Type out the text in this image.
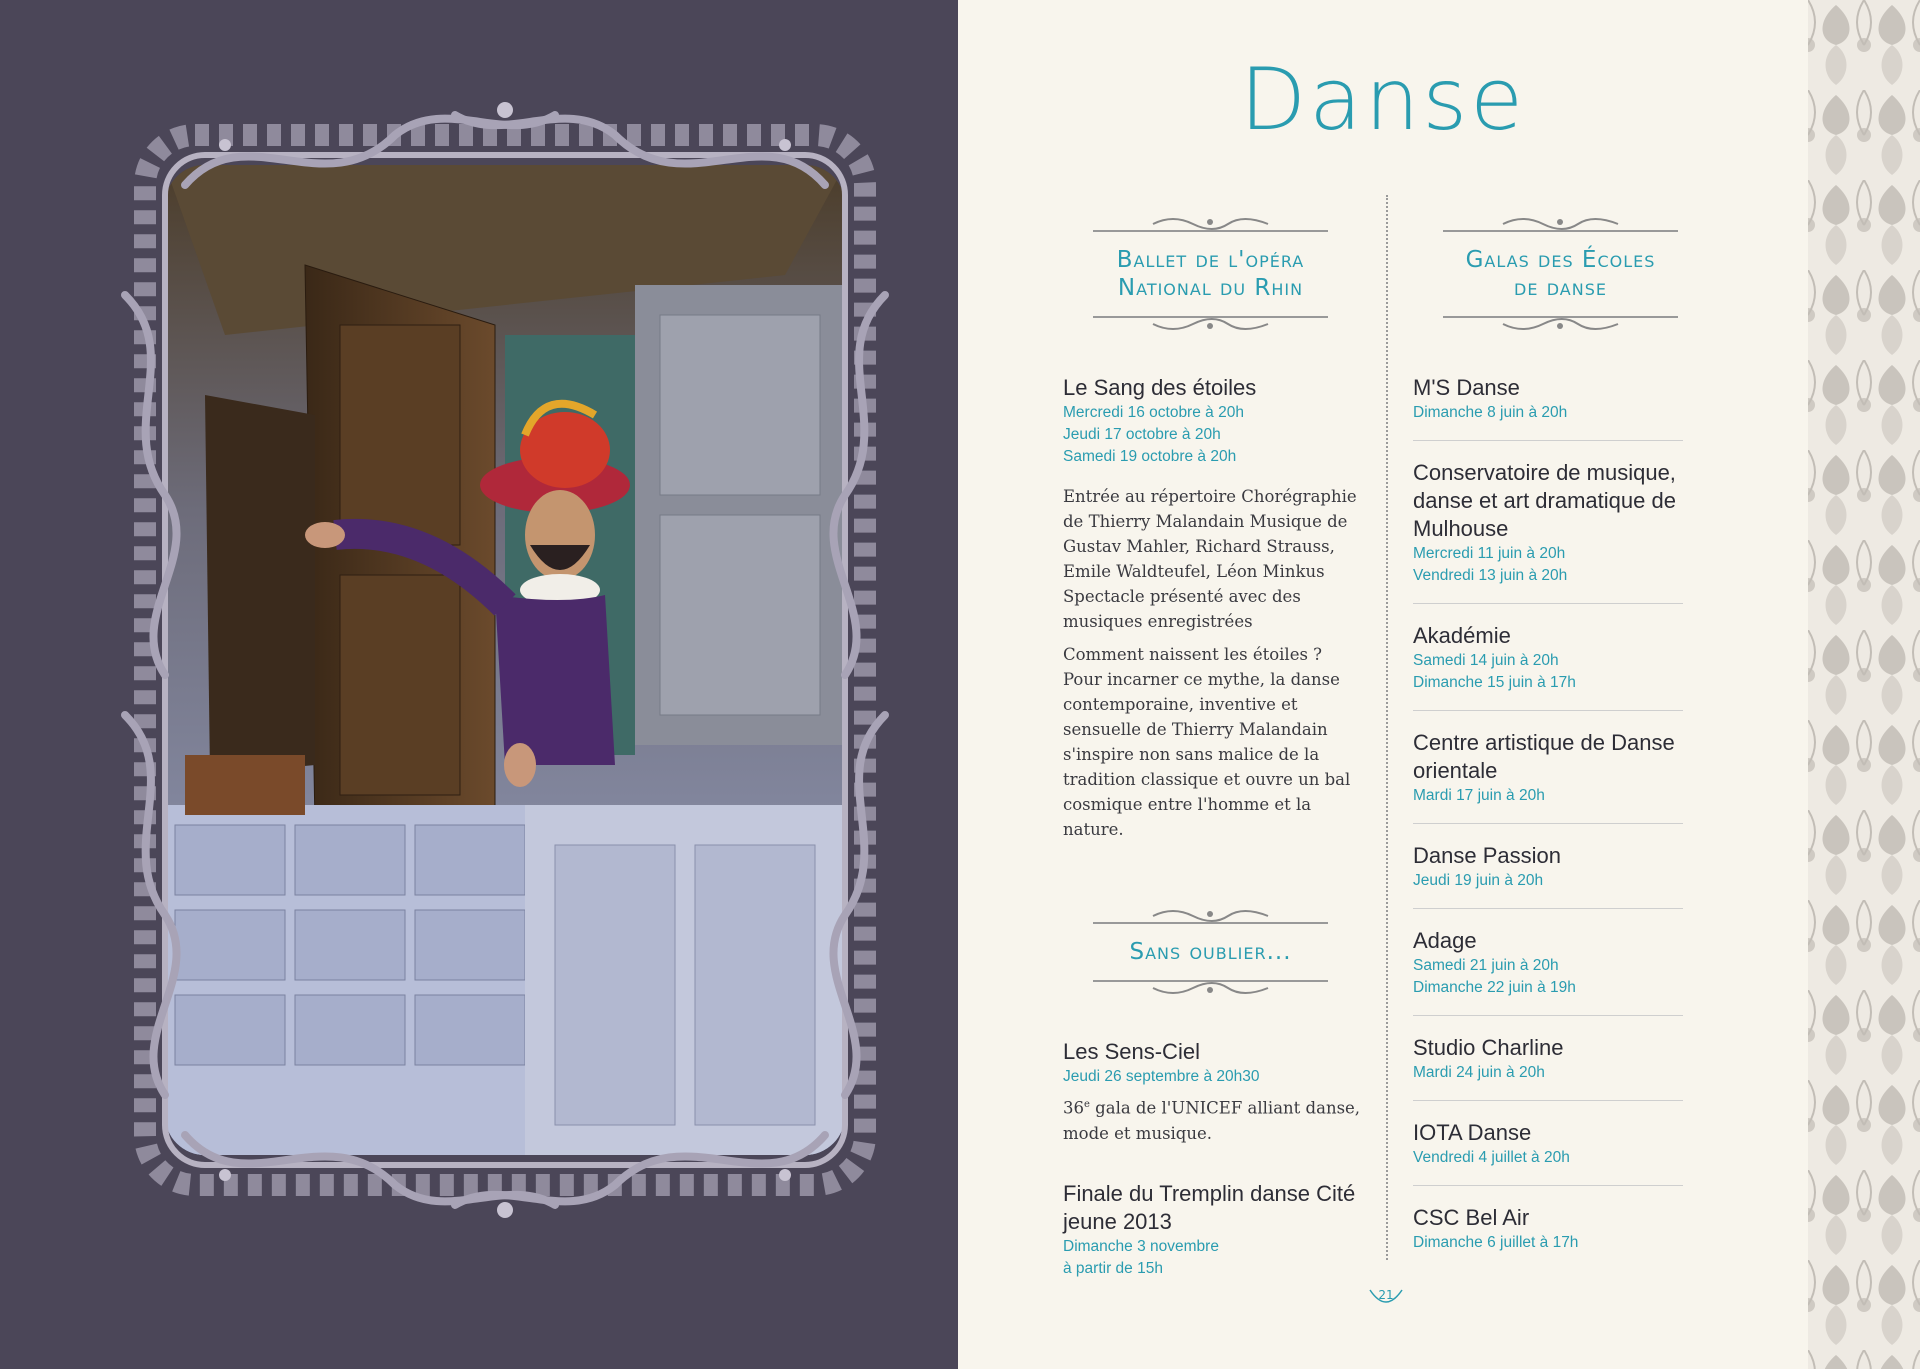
Danse
Ballet de l'opéra
National du Rhin
Le Sang des étoiles
Mercredi 16 octobre à 20h
Jeudi 17 octobre à 20h
Samedi 19 octobre à 20h
Entrée au répertoire Chorégraphie de Thierry Malandain Musique de Gustav Mahler, Richard Strauss, Emile Waldteufel, Léon Minkus Spectacle présenté avec des musiques enregistrées
Comment naissent les étoiles ? Pour incarner ce mythe, la danse contemporaine, inventive et sensuelle de Thierry Malandain s'inspire non sans malice de la tradition classique et ouvre un bal cosmique entre l'homme et la nature.
Sans oublier...
Les Sens-Ciel
Jeudi 26 septembre à 20h30
36e gala de l'UNICEF alliant danse, mode et musique.
Finale du Tremplin danse Cité jeune 2013
Dimanche 3 novembre
à partir de 15h
Galas des Écoles
de danse
M'S Danse
Dimanche 8 juin à 20h
Conservatoire de musique, danse et art dramatique de Mulhouse
Mercredi 11 juin à 20h
Vendredi 13 juin à 20h
Akadémie
Samedi 14 juin à 20h
Dimanche 15 juin à 17h
Centre artistique de Danse orientale
Mardi 17 juin à 20h
Danse Passion
Jeudi 19 juin à 20h
Adage
Samedi 21 juin à 20h
Dimanche 22 juin à 19h
Studio Charline
Mardi 24 juin à 20h
IOTA Danse
Vendredi 4 juillet à 20h
CSC Bel Air
Dimanche 6 juillet à 17h
21
